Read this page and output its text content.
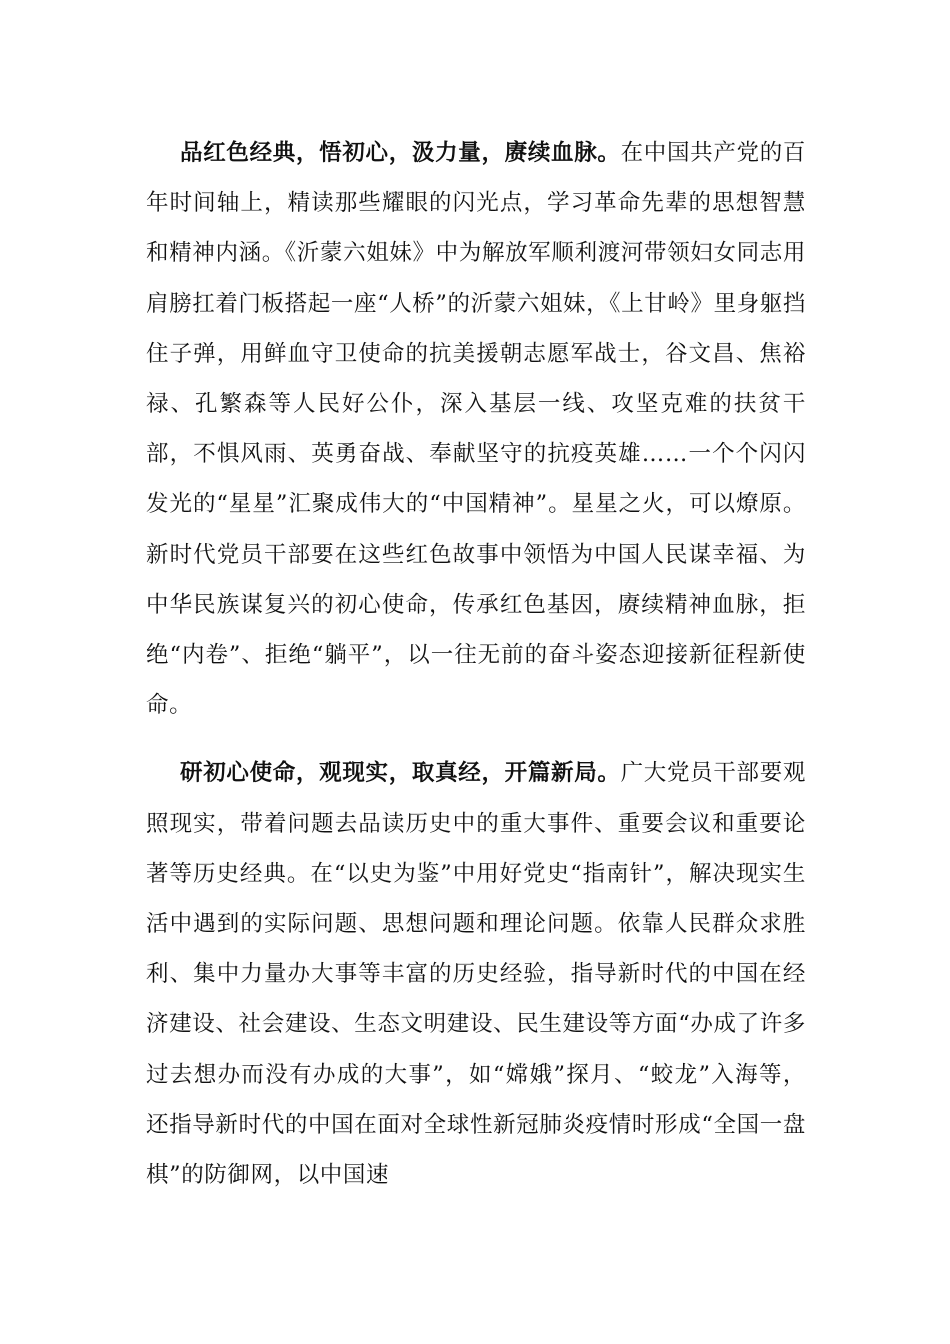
品红色经典，悟初心，汲力量，赓续血脉。在中国共产党的百年时间轴上，精读那些耀眼的闪光点，学习革命先辈的思想智慧和精神内涵。《沂蒙六姐妹》中为解放军顺利渡河带领妇女同志用肩膀扛着门板搭起一座“人桥”的沂蒙六姐妹，《上甘岭》里身躯挡住子弹，用鲜血守卫使命的抗美援朝志愿军战士，谷文昌、焦裕禄、孔繁森等人民好公仆，深入基层一线、攻坚克难的扶贫干部，不惧风雨、英勇奋战、奉献坚守的抗疫英雄……一个个闪闪发光的“星星”汇聚成伟大的“中国精神”。星星之火，可以燎原。新时代党员干部要在这些红色故事中领悟为中国人民谋幸福、为中华民族谋复兴的初心使命，传承红色基因，赓续精神血脉，拒绝“内卷”、拒绝“躺平”，以一往无前的奋斗姿态迎接新征程新使命。

研初心使命，观现实，取真经，开篇新局。广大党员干部要观照现实，带着问题去品读历史中的重大事件、重要会议和重要论著等历史经典。在“以史为鉴”中用好党史“指南针”，解决现实生活中遇到的实际问题、思想问题和理论问题。依靠人民群众求胜利、集中力量办大事等丰富的历史经验，指导新时代的中国在经济建设、社会建设、生态文明建设、民生建设等方面“办成了许多过去想办而没有办成的大事”，如“嫦娥”探月、“蛟龙”入海等，还指导新时代的中国在面对全球性新冠肺炎疫情时形成“全国一盘棋”的防御网，以中国速
